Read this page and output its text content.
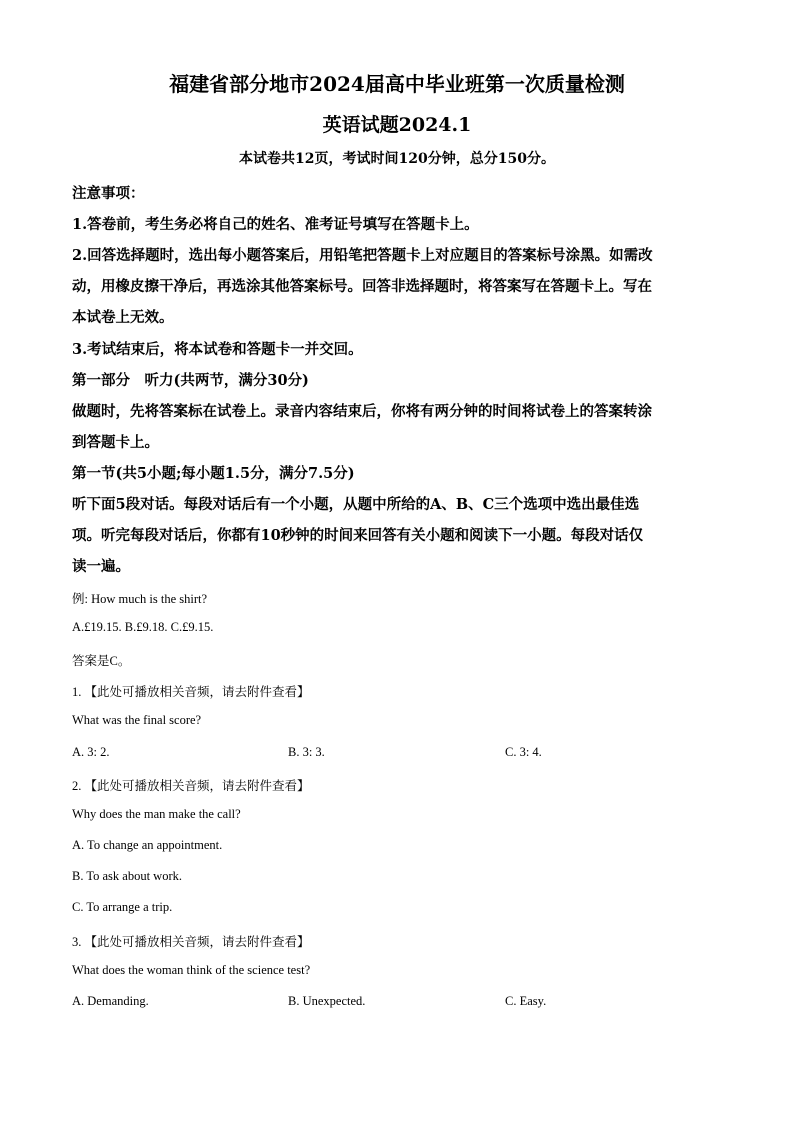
福建省部分地市2024届高中毕业班第一次质量检测
英语试题2024.1
本试卷共12页，考试时间120分钟，总分150分。
注意事项：
1.答卷前，考生务必将自己的姓名、准考证号填写在答题卡上。
2.回答选择题时，选出每小题答案后，用铅笔把答题卡上对应题目的答案标号涂黑。如需改
动，用橡皮擦干净后，再选涂其他答案标号。回答非选择题时，将答案写在答题卡上。写在
本试卷上无效。
3.考试结束后，将本试卷和答题卡一并交回。
第一部分　听力(共两节，满分30分)
做题时，先将答案标在试卷上。录音内容结束后，你将有两分钟的时间将试卷上的答案转涂
到答题卡上。
第一节(共5小题;每小题1.5分，满分7.5分)
听下面5段对话。每段对话后有一个小题，从题中所给的A、B、C三个选项中选出最佳选
项。听完每段对话后，你都有10秒钟的时间来回答有关小题和阅读下一小题。每段对话仅
读一遍。
例: How much is the shirt?
A.£19.15. B.£9.18. C.£9.15.
答案是C。
1. 【此处可播放相关音频，请去附件查看】
What was the final score?
A. 3: 2.	B. 3: 3.	C. 3: 4.
2. 【此处可播放相关音频，请去附件查看】
Why does the man make the call?
A. To change an appointment.
B. To ask about work.
C. To arrange a trip.
3. 【此处可播放相关音频，请去附件查看】
What does the woman think of the science test?
A. Demanding.	B. Unexpected.	C. Easy.
